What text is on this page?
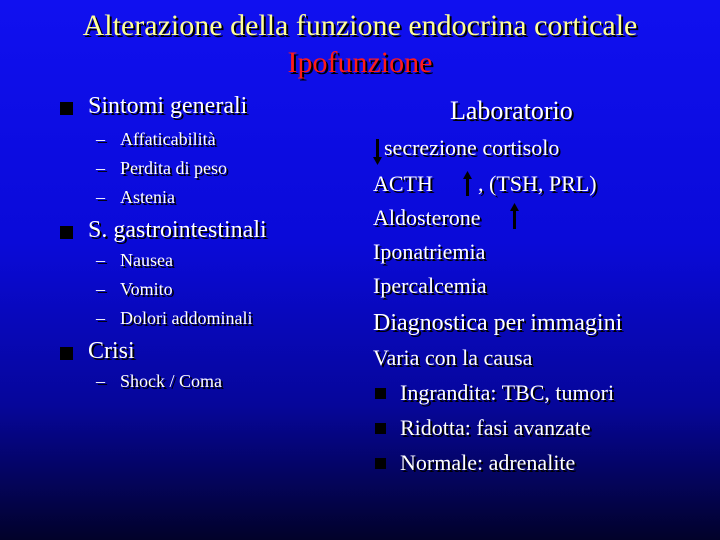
Alterazione della funzione endocrina corticale
Ipofunzione
Sintomi generali
– Affaticabilità
– Perdita di peso
– Astenia
S. gastrointestinali
– Nausea
– Vomito
– Dolori addominali
Crisi
– Shock / Coma
Laboratorio
secrezione cortisolo
ACTH , (TSH, PRL)
Aldosterone
Iponatriemia
Ipercalcemia
Diagnostica per immagini
Varia con la causa
Ingrandita: TBC, tumori
Ridotta: fasi avanzate
Normale: adrenalite
